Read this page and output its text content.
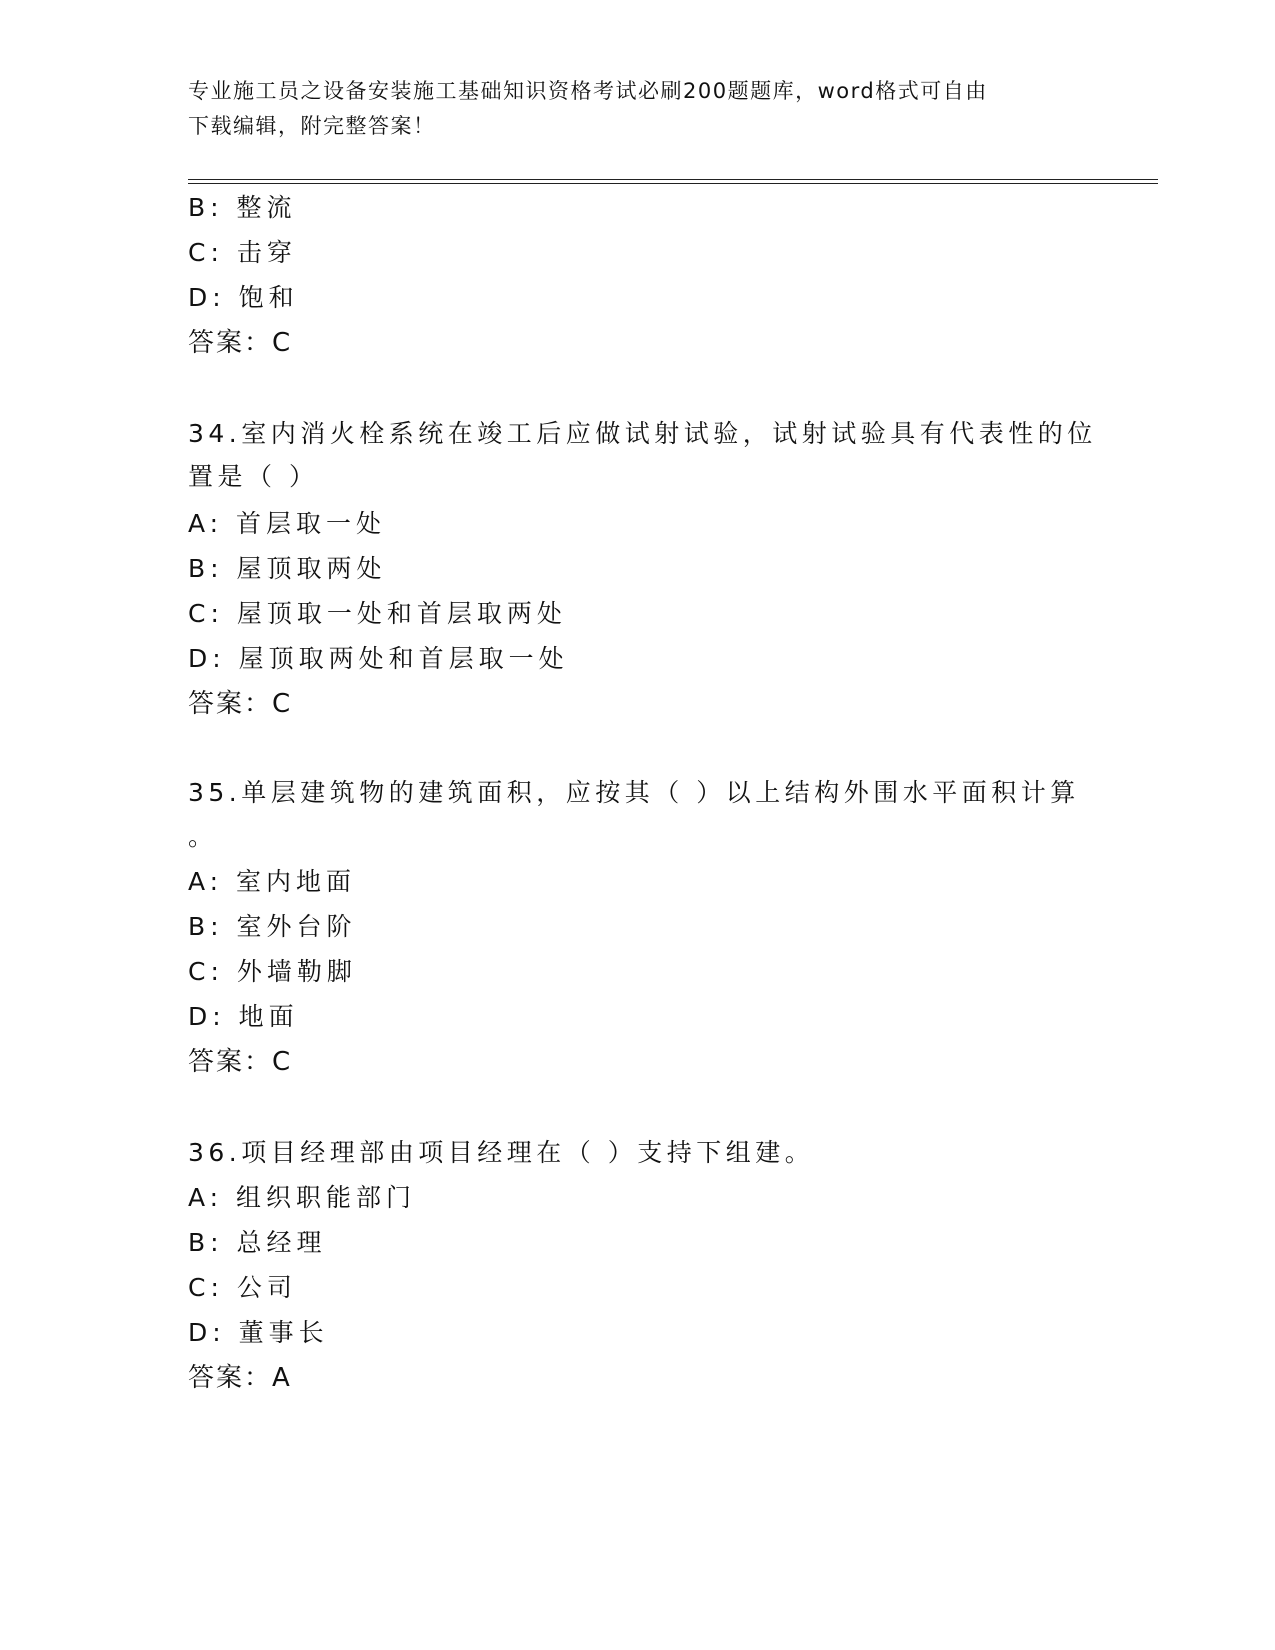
专业施工员之设备安装施工基础知识资格考试必刷200题题库，word格式可自由
下载编辑，附完整答案！
B: 整流
C: 击穿
D: 饱和
答案：C
34.室内消火栓系统在竣工后应做试射试验，试射试验具有代表性的位
置是（ ）
A: 首层取一处
B: 屋顶取两处
C: 屋顶取一处和首层取两处
D: 屋顶取两处和首层取一处
答案：C
35.单层建筑物的建筑面积，应按其（ ）以上结构外围水平面积计算
。
A: 室内地面
B: 室外台阶
C: 外墙勒脚
D: 地面
答案：C
36.项目经理部由项目经理在（ ）支持下组建。
A: 组织职能部门
B: 总经理
C: 公司
D: 董事长
答案：A
